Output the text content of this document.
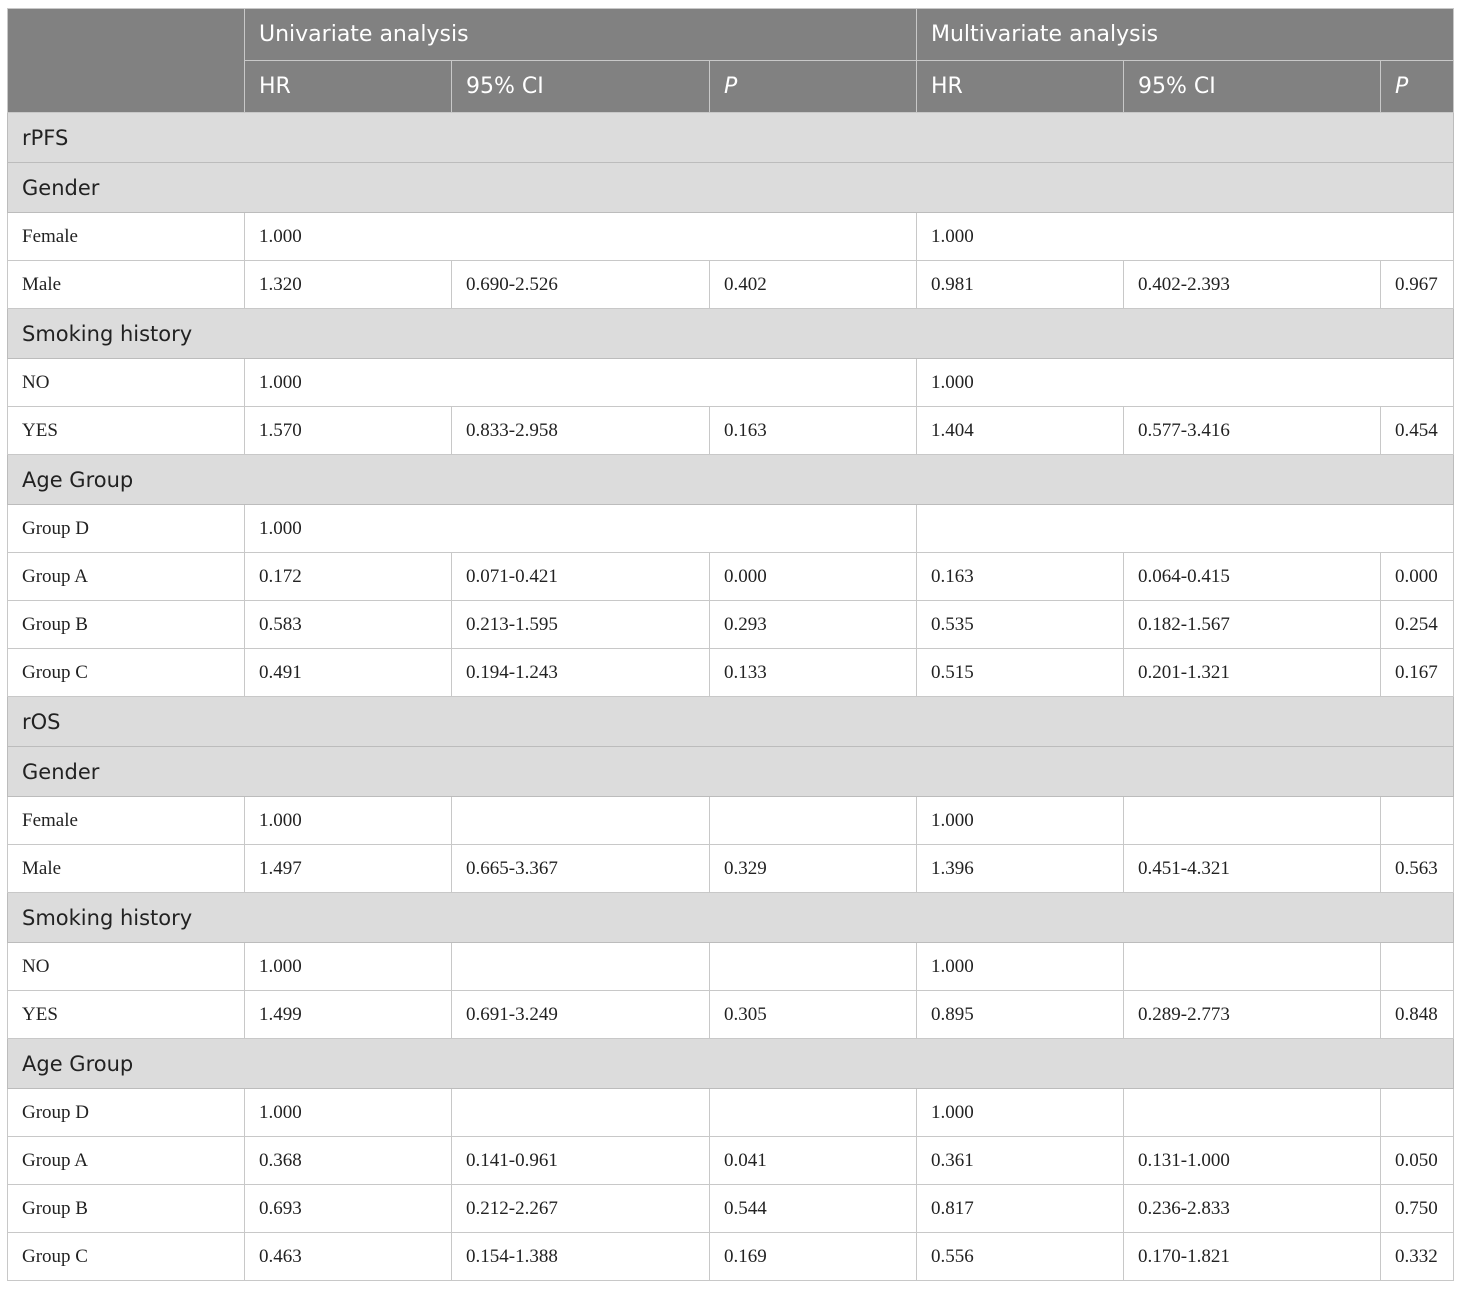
	Univariate analysis			Multivariate analysis		
	HR	95% CI	P	HR	95% CI	P
rPFS						
Gender						
Female	1.000			1.000		
Male	1.320	0.690-2.526	0.402	0.981	0.402-2.393	0.967
Smoking history						
NO	1.000			1.000		
YES	1.570	0.833-2.958	0.163	1.404	0.577-3.416	0.454
Age Group						
Group D	1.000					
Group A	0.172	0.071-0.421	0.000	0.163	0.064-0.415	0.000
Group B	0.583	0.213-1.595	0.293	0.535	0.182-1.567	0.254
Group C	0.491	0.194-1.243	0.133	0.515	0.201-1.321	0.167
rOS						
Gender						
Female	1.000			1.000		
Male	1.497	0.665-3.367	0.329	1.396	0.451-4.321	0.563
Smoking history						
NO	1.000			1.000		
YES	1.499	0.691-3.249	0.305	0.895	0.289-2.773	0.848
Age Group						
Group D	1.000			1.000		
Group A	0.368	0.141-0.961	0.041	0.361	0.131-1.000	0.050
Group B	0.693	0.212-2.267	0.544	0.817	0.236-2.833	0.750
Group C	0.463	0.154-1.388	0.169	0.556	0.170-1.821	0.332
